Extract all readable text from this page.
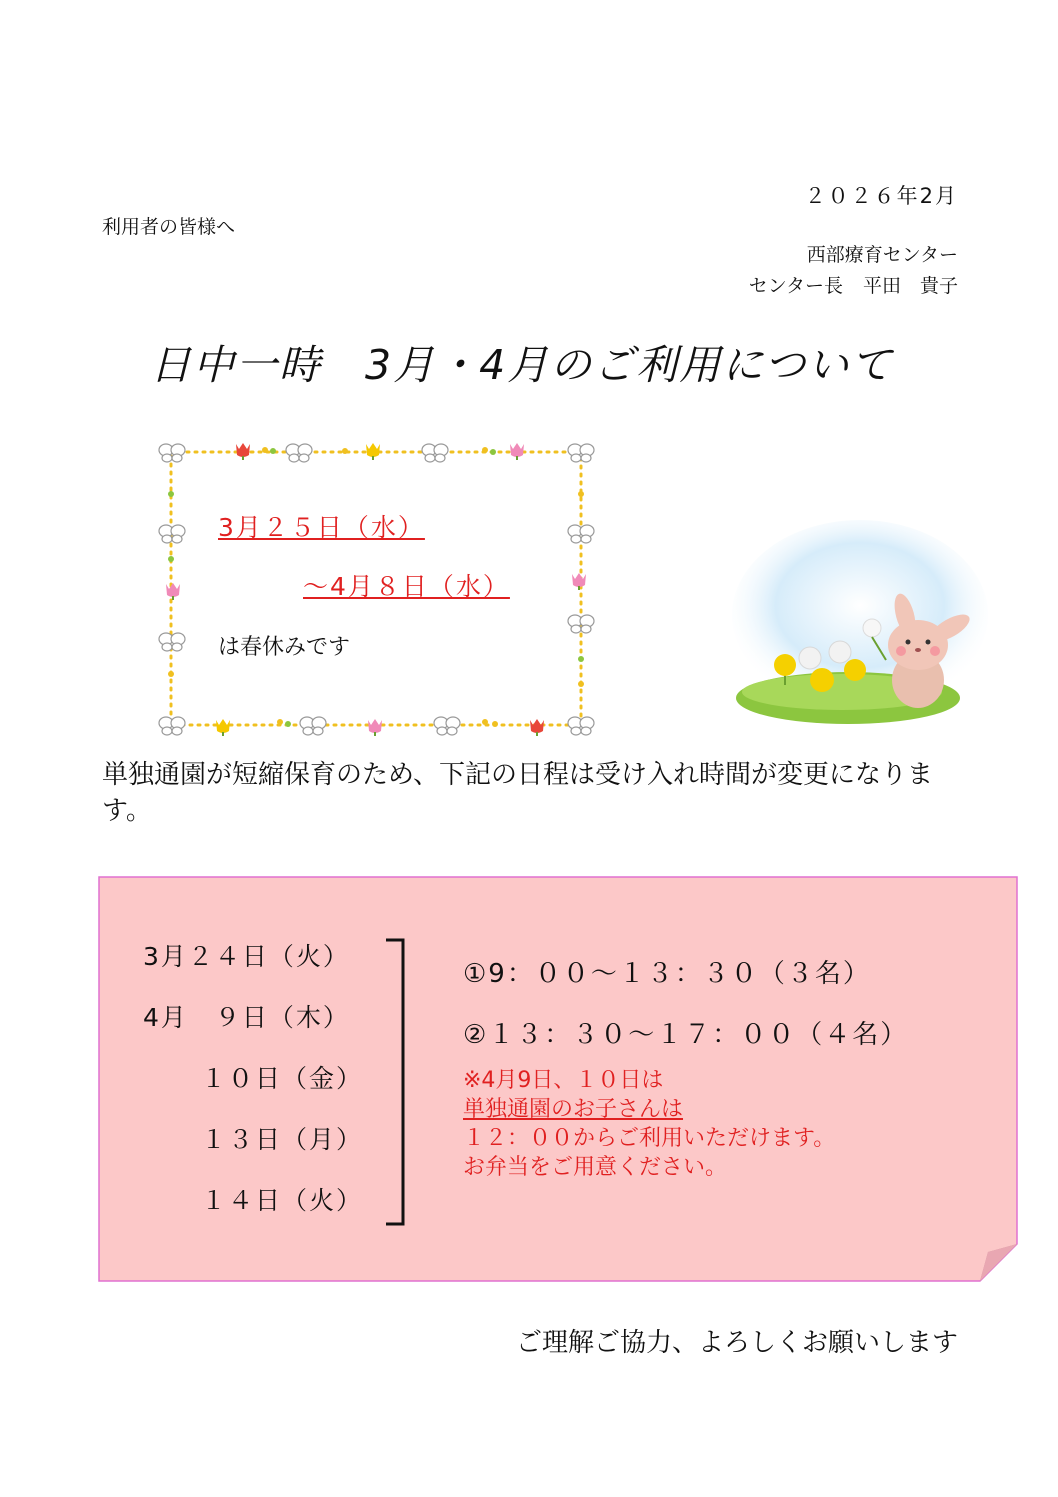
２０２６年2月
利用者の皆様へ
西部療育センター
センター長 平田　貴子
日中一時　3月・4月のご利用について
3月２５日（水）
～4月８日（水）
は春休みです
単独通園が短縮保育のため、下記の日程は受け入れ時間が変更になります。
3月２４日（火）
4月　９日（木）
１０日（金）
１３日（月）
１４日（火）
①9：００～１３：３０（３名）
②１３：３０～１７：００（４名）
※4月9日、１０日は
単独通園のお子さんは
１２：００からご利用いただけます。
お弁当をご用意ください。
ご理解ご協力、よろしくお願いします
